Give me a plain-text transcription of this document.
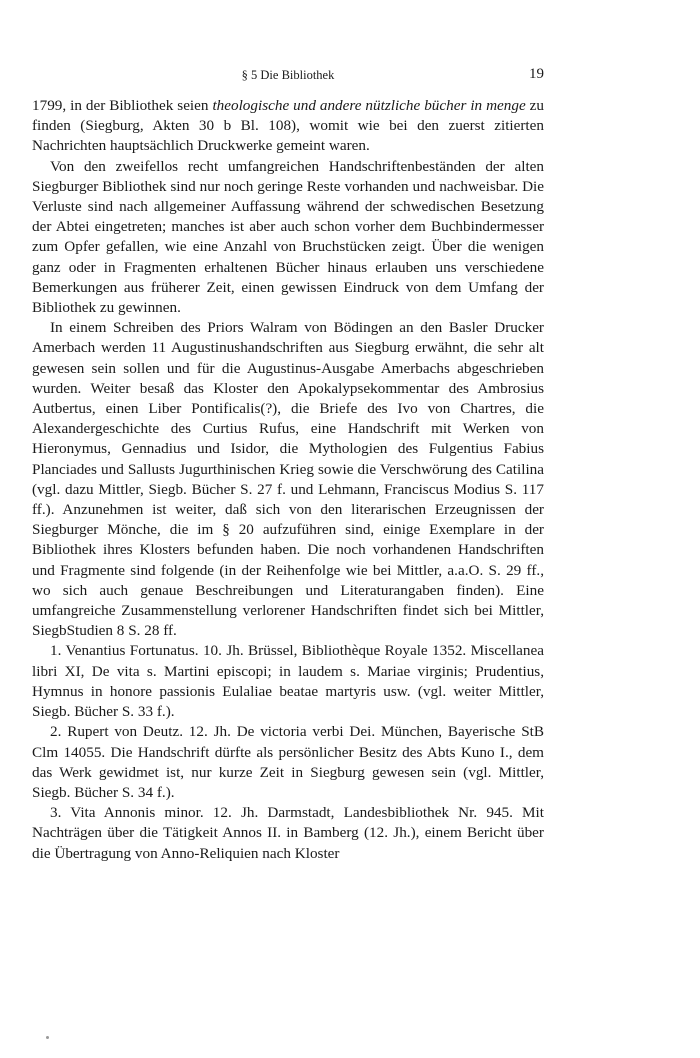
§ 5 Die Bibliothek	19

1799, in der Bibliothek seien theologische und andere nützliche bücher in menge zu finden (Siegburg, Akten 30 b Bl. 108), womit wie bei den zuerst zitierten Nachrichten hauptsächlich Druckwerke gemeint waren.

Von den zweifellos recht umfangreichen Handschriftenbeständen der alten Siegburger Bibliothek sind nur noch geringe Reste vorhanden und nachweisbar. Die Verluste sind nach allgemeiner Auffassung während der schwedischen Besetzung der Abtei eingetreten; manches ist aber auch schon vorher dem Buchbindermesser zum Opfer gefallen, wie eine Anzahl von Bruchstücken zeigt. Über die wenigen ganz oder in Fragmenten erhaltenen Bücher hinaus erlauben uns verschiedene Bemerkungen aus früherer Zeit, einen gewissen Eindruck von dem Umfang der Bibliothek zu gewinnen.

In einem Schreiben des Priors Walram von Bödingen an den Basler Drucker Amerbach werden 11 Augustinushandschriften aus Siegburg erwähnt, die sehr alt gewesen sein sollen und für die Augustinus-Ausgabe Amerbachs abgeschrieben wurden. Weiter besaß das Kloster den Apokalypsekommentar des Ambrosius Autbertus, einen Liber Pontificalis(?), die Briefe des Ivo von Chartres, die Alexandergeschichte des Curtius Rufus, eine Handschrift mit Werken von Hieronymus, Gennadius und Isidor, die Mythologien des Fulgentius Fabius Planciades und Sallusts Jugurthinischen Krieg sowie die Verschwörung des Catilina (vgl. dazu Mittler, Siegb. Bücher S. 27 f. und Lehmann, Franciscus Modius S. 117 ff.). Anzunehmen ist weiter, daß sich von den literarischen Erzeugnissen der Siegburger Mönche, die im § 20 aufzuführen sind, einige Exemplare in der Bibliothek ihres Klosters befunden haben. Die noch vorhandenen Handschriften und Fragmente sind folgende (in der Reihenfolge wie bei Mittler, a.a.O. S. 29 ff., wo sich auch genaue Beschreibungen und Literaturangaben finden). Eine umfangreiche Zusammenstellung verlorener Handschriften findet sich bei Mittler, SiegbStudien 8 S. 28 ff.

1. Venantius Fortunatus. 10. Jh. Brüssel, Bibliothèque Royale 1352. Miscellanea libri XI, De vita s. Martini episcopi; in laudem s. Mariae virginis; Prudentius, Hymnus in honore passionis Eulaliae beatae martyris usw. (vgl. weiter Mittler, Siegb. Bücher S. 33 f.).

2. Rupert von Deutz. 12. Jh. De victoria verbi Dei. München, Bayerische StB Clm 14055. Die Handschrift dürfte als persönlicher Besitz des Abts Kuno I., dem das Werk gewidmet ist, nur kurze Zeit in Siegburg gewesen sein (vgl. Mittler, Siegb. Bücher S. 34 f.).

3. Vita Annonis minor. 12. Jh. Darmstadt, Landesbibliothek Nr. 945. Mit Nachträgen über die Tätigkeit Annos II. in Bamberg (12. Jh.), einem Bericht über die Übertragung von Anno-Reliquien nach Kloster
